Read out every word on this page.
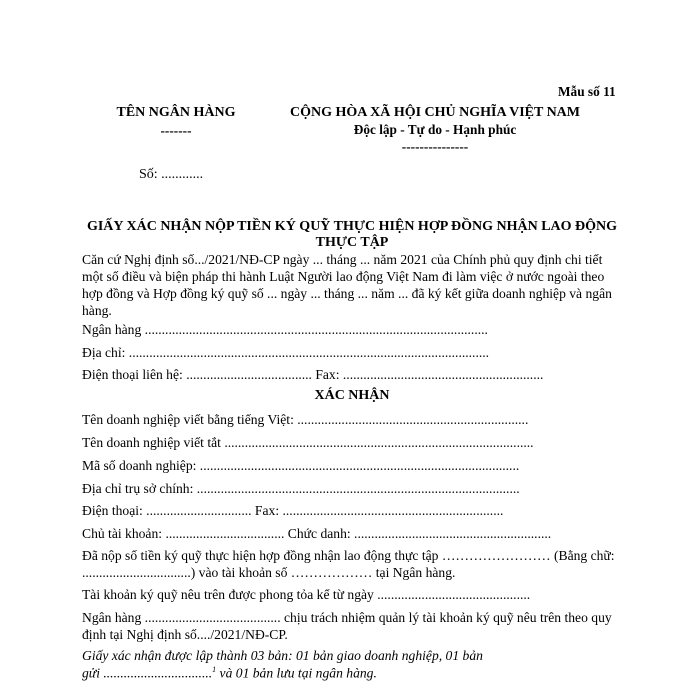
Mẫu số 11
TÊN NGÂN HÀNG
-------
CỘNG HÒA XÃ HỘI CHỦ NGHĨA VIỆT NAM
Độc lập - Tự do - Hạnh phúc
---------------
Số: ............
GIẤY XÁC NHẬN NỘP TIỀN KÝ QUỸ THỰC HIỆN HỢP ĐỒNG NHẬN LAO ĐỘNG THỰC TẬP
Căn cứ Nghị định số.../2021/NĐ-CP ngày ... tháng ... năm 2021 của Chính phủ quy định chi tiết một số điều và biện pháp thi hành Luật Người lao động Việt Nam đi làm việc ở nước ngoài theo hợp đồng và Hợp đồng ký quỹ số ... ngày ... tháng ... năm ... đã ký kết giữa doanh nghiệp và ngân hàng.
Ngân hàng .....................................................................................................
Địa chỉ: ..........................................................................................................
Điện thoại liên hệ: ..................................... Fax: ...........................................................
XÁC NHẬN
Tên doanh nghiệp viết bằng tiếng Việt: ....................................................................
Tên doanh nghiệp viết tắt ...........................................................................................
Mã số doanh nghiệp: ..............................................................................................
Địa chỉ trụ sở chính: ...............................................................................................
Điện thoại: ............................... Fax: .................................................................
Chủ tài khoản: ................................... Chức danh: ..........................................................
Đã nộp số tiền ký quỹ thực hiện hợp đồng nhận lao động thực tập …………………… (Bằng chữ: ................................) vào tài khoản số ……………… tại Ngân hàng.
Tài khoản ký quỹ nêu trên được phong tỏa kể từ ngày .............................................
Ngân hàng ........................................ chịu trách nhiệm quản lý tài khoản ký quỹ nêu trên theo quy định tại Nghị định số..../2021/NĐ-CP.
Giấy xác nhận được lập thành 03 bản: 01 bản giao doanh nghiệp, 01 bản
gửi ................................$^1$ và 01 bản lưu tại ngân hàng.
